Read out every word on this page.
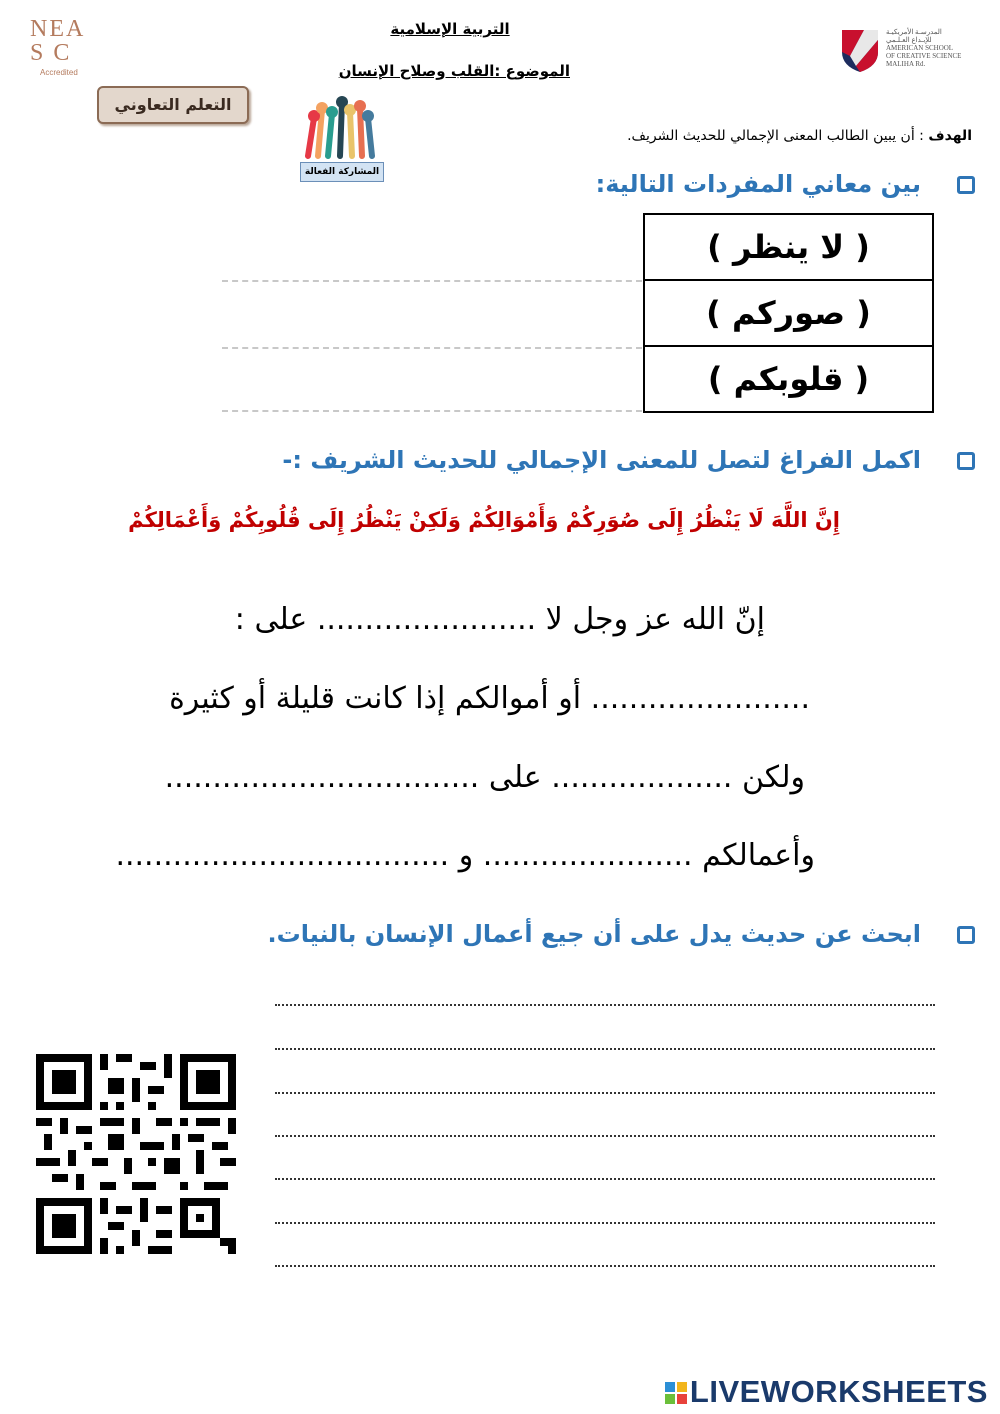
التربية الإسلامية
الموضوع :القلب وصلاح الإنسان
NEA
S C
Accredited
المدرسـة الأمريكيـة
للإبـداع العـلـمي
AMERICAN SCHOOL
OF CREATIVE SCIENCE
MALIHA Rd.
التعلم التعاوني
المشاركة الفعالة
الهدف : أن يبين الطالب المعنى الإجمالي للحديث الشريف.
بين معاني المفردات التالية:
( لا ينظر )
( صوركم )
( قلوبكم )
اكمل الفراغ لتصل للمعنى الإجمالي للحديث الشريف :-
إِنَّ اللَّهَ لَا يَنْظُرُ إِلَى صُوَرِكُمْ وَأَمْوَالِكُمْ وَلَكِنْ يَنْظُرُ إِلَى قُلُوبِكُمْ وَأَعْمَالِكُمْ
إنّ الله عز وجل لا ....................... على :
....................... أو أموالكم إذا كانت قليلة أو كثيرة
ولكن ................... على .................................
وأعمالكم ...................... و ...................................
ابحث عن حديث يدل على أن جيع أعمال الإنسان بالنيات.
LIVEWORKSHEETS
